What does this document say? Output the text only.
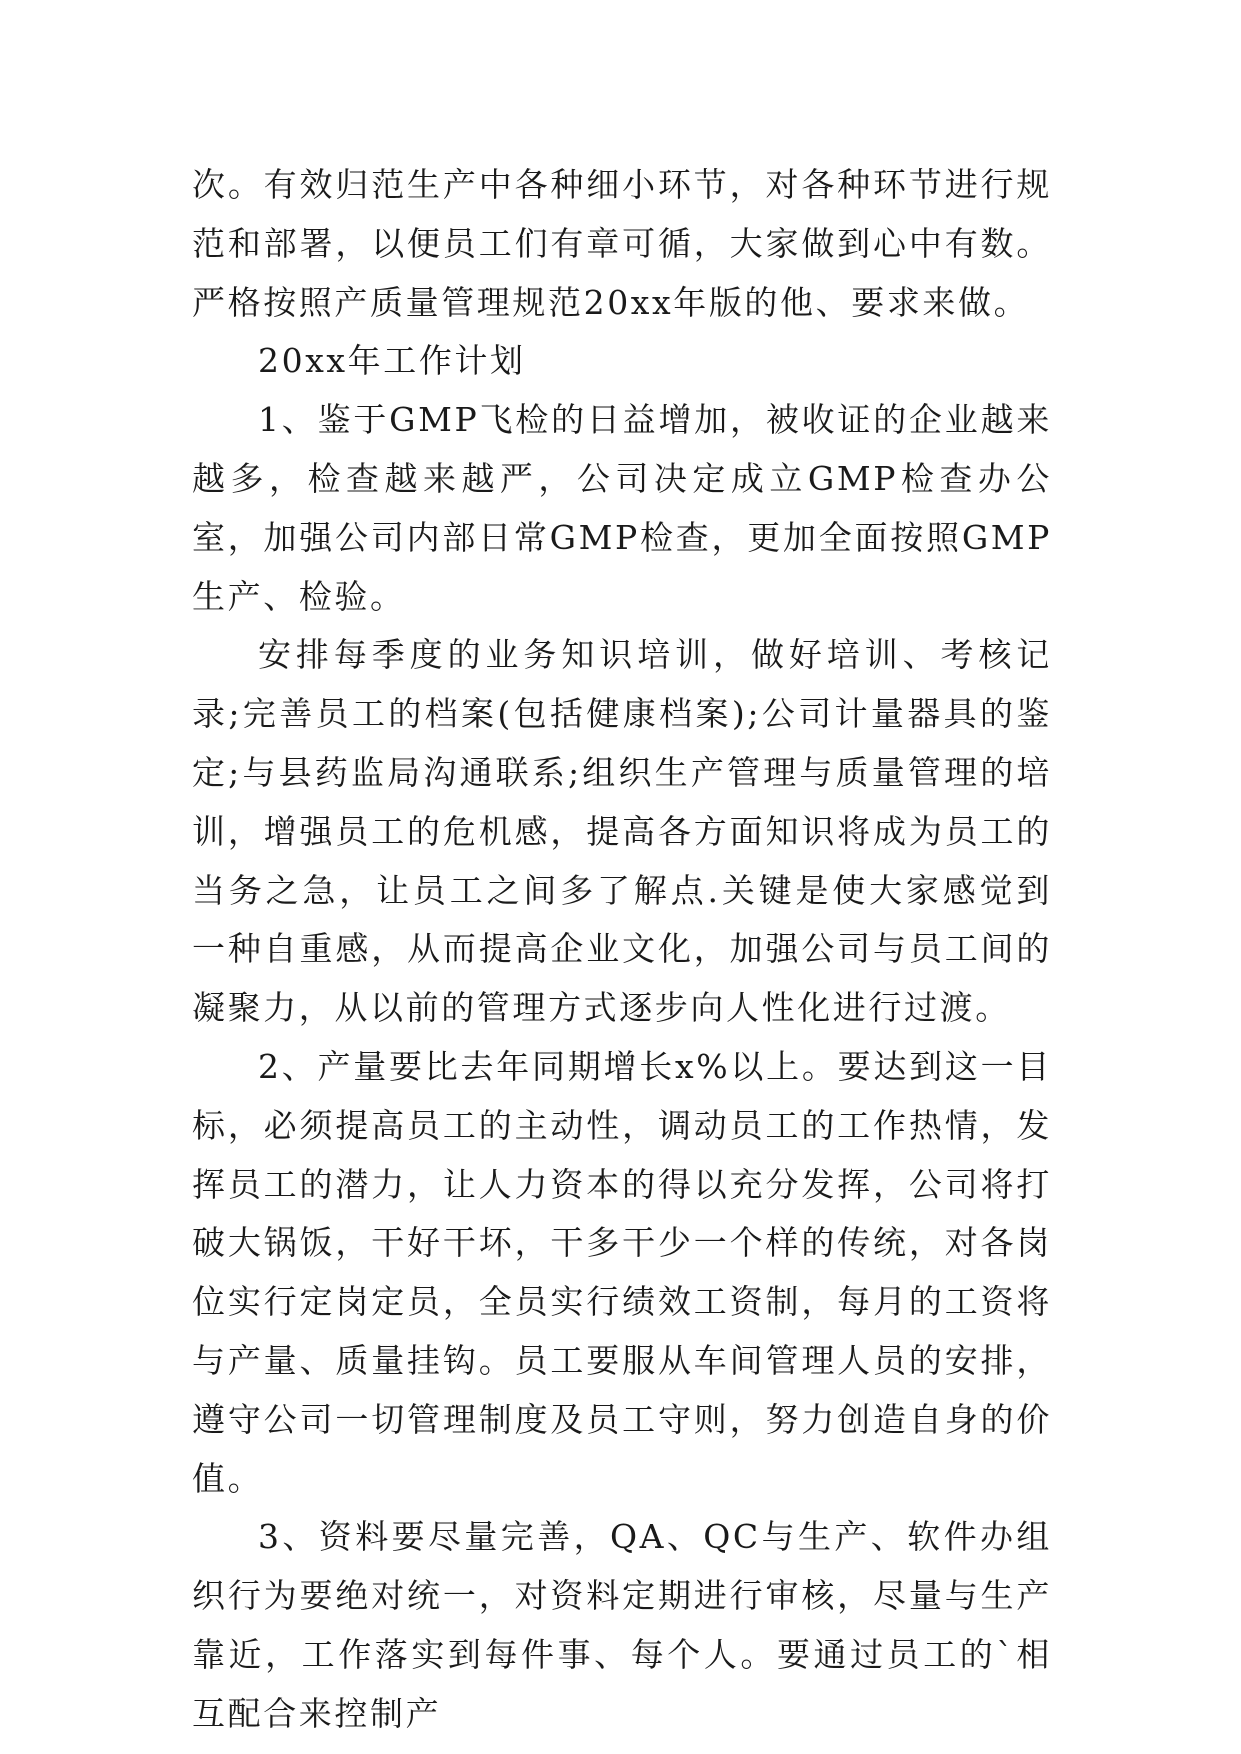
次。有效归范生产中各种细小环节，对各种环节进行规范和部署，以便员工们有章可循，大家做到心中有数。严格按照产质量管理规范20xx年版的他、要求来做。

20xx年工作计划

1、鉴于GMP飞检的日益增加，被收证的企业越来越多，检查越来越严，公司决定成立GMP检查办公室，加强公司内部日常GMP检查，更加全面按照GMP生产、检验。

安排每季度的业务知识培训，做好培训、考核记录;完善员工的档案(包括健康档案);公司计量器具的鉴定;与县药监局沟通联系;组织生产管理与质量管理的培训，增强员工的危机感，提高各方面知识将成为员工的当务之急，让员工之间多了解点.关键是使大家感觉到一种自重感，从而提高企业文化，加强公司与员工间的凝聚力，从以前的管理方式逐步向人性化进行过渡。

2、产量要比去年同期增长x%以上。要达到这一目标，必须提高员工的主动性，调动员工的工作热情，发挥员工的潜力，让人力资本的得以充分发挥，公司将打破大锅饭，干好干坏，干多干少一个样的传统，对各岗位实行定岗定员，全员实行绩效工资制，每月的工资将与产量、质量挂钩。员工要服从车间管理人员的安排，遵守公司一切管理制度及员工守则，努力创造自身的价值。

3、资料要尽量完善，QA、QC与生产、软件办组织行为要绝对统一，对资料定期进行审核，尽量与生产靠近，工作落实到每件事、每个人。要通过员工的`相互配合来控制产
